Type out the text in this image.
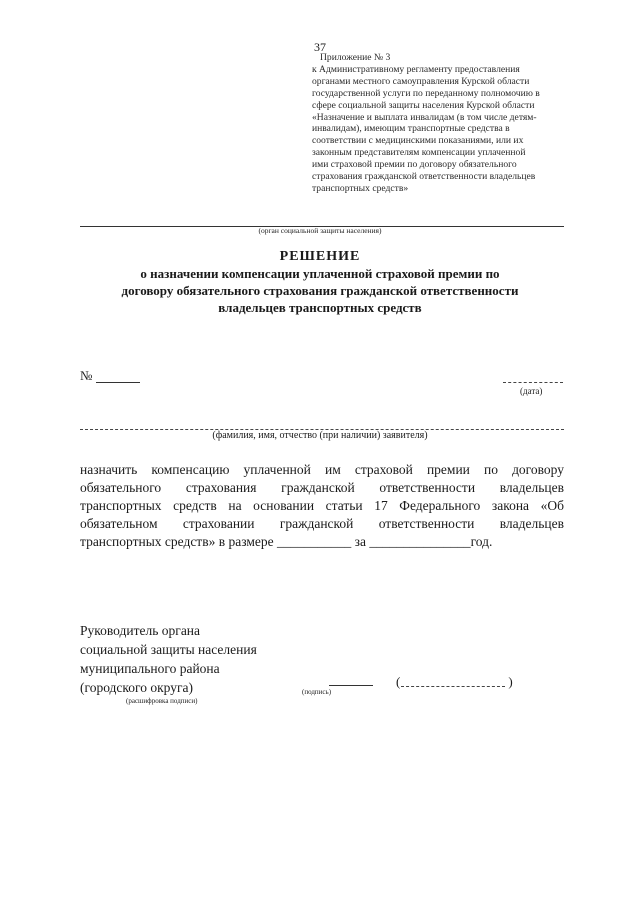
37
Приложение № 3
к Административному регламенту предоставления
органами местного самоуправления Курской области
государственной услуги по переданному полномочию в
сфере социальной защиты населения Курской области
«Назначение и выплата инвалидам (в том числе детям-
инвалидам), имеющим транспортные средства в
соответствии с медицинскими показаниями, или их
законным представителям компенсации уплаченной
ими страховой премии по договору обязательного
страхования гражданской ответственности владельцев
транспортных средств»
(орган социальной защиты населения)
РЕШЕНИЕ
о назначении компенсации уплаченной страховой премии по
договору обязательного страхования гражданской ответственности
владельцев транспортных средств
№
(дата)
(фамилия, имя, отчество (при наличии) заявителя)
назначить компенсацию уплаченной им страховой премии по договору
обязательного страхования гражданской ответственности владельцев
транспортных средств на основании статьи 17 Федерального закона «Об
обязательном страховании гражданской ответственности владельцев
транспортных средств» в размере ___________ за _______________год.
Руководитель органа
социальной защиты населения
муниципального района
(городского округа)	(подпись)
(	)
(расшифровка подписи)
